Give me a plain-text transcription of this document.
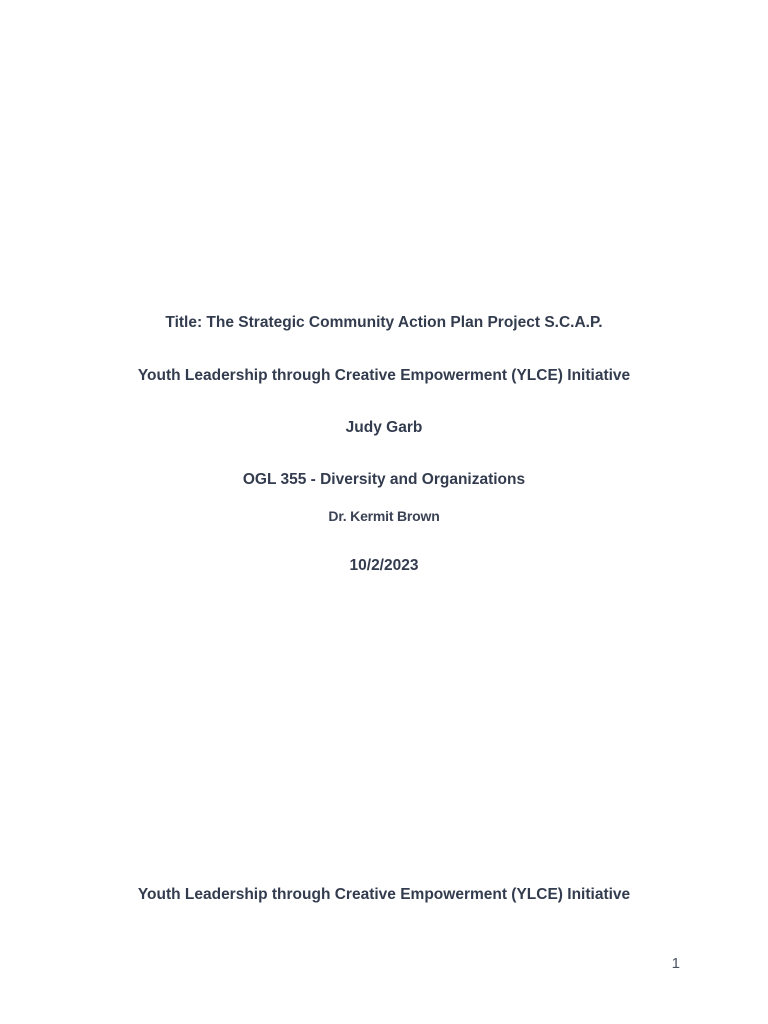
Title: The Strategic Community Action Plan Project S.C.A.P.
Youth Leadership through Creative Empowerment (YLCE) Initiative
Judy Garb
OGL 355 - Diversity and Organizations
Dr. Kermit Brown
10/2/2023
Youth Leadership through Creative Empowerment (YLCE) Initiative
1
